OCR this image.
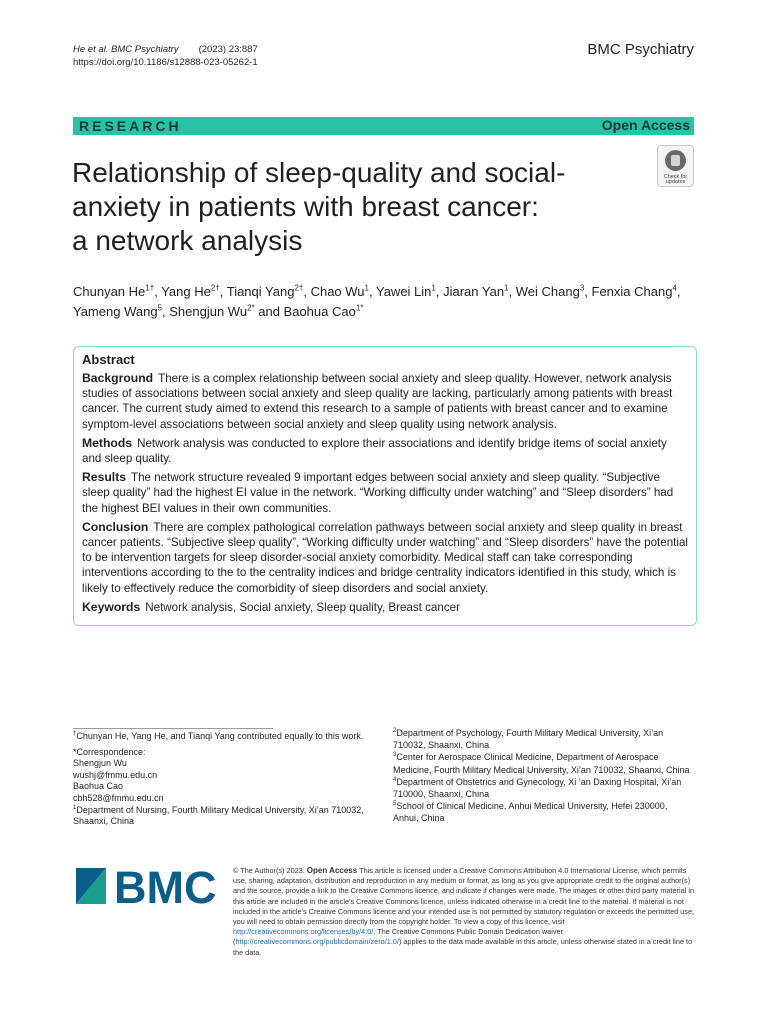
He et al. BMC Psychiatry (2023) 23:887
https://doi.org/10.1186/s12888-023-05262-1
BMC Psychiatry
RESEARCH	Open Access
Relationship of sleep-quality and social-
anxiety in patients with breast cancer:
a network analysis
Check for
updates
Chunyan $He^{1\dagger}$, Yang $He^{2\dagger}$, Tianqi Yang$^{2\dagger}$, Chao Wu$^1$, Yawei Lin$^1$, Jiaran Yan$^1$, Wei Chang$^3$, Fenxia Chang$^4$,
Yameng Wang$^5$, Shengjun $Wu^{2*}$ and Baohua Cao$^{1*}$
Abstract

Background There is a complex relationship between social anxiety and sleep quality. However, network analysis studies of associations between social anxiety and sleep quality are lacking, particularly among patients with breast cancer. The current study aimed to extend this research to a sample of patients with breast cancer and to examine symptom-level associations between social anxiety and sleep quality using network analysis.

Methods Network analysis was conducted to explore their associations and identify bridge items of social anxiety and sleep quality.

Results The network structure revealed 9 important edges between social anxiety and sleep quality. “Subjective sleep quality” had the highest EI value in the network. “Working difficulty under watching” and “Sleep disorders” had the highest BEI values in their own communities.

Conclusion There are complex pathological correlation pathways between social anxiety and sleep quality in breast cancer patients. “Subjective sleep quality”, “Working difficulty under watching” and “Sleep disorders” have the potential to be intervention targets for sleep disorder-social anxiety comorbidity. Medical staff can take corresponding interventions according to the to the centrality indices and bridge centrality indicators identified in this study, which is likely to effectively reduce the comorbidity of sleep disorders and social anxiety.

Keywords Network analysis, Social anxiety, Sleep quality, Breast cancer

†Chunyan He, Yang He, and Tianqi Yang contributed equally to this work.

*Correspondence:

Shengjun Wu

wushj@fmmu.edu.cn

Baohua Cao

cbh528@fmmu.edu.cn

$^1$Department of Nursing, Fourth Military Medical University, Xi’an 710032, Shaanxi, China

$^2$Department of Psychology, Fourth Military Medical University, Xi’an 710032, Shaanxi, China

$^3$Center for Aerospace Clinical Medicine, Department of Aerospace Medicine, Fourth Military Medical University, Xi’an 710032, Shaanxi, China

$^4$Department of Obstetrics and Gynecology, Xi ’an Daxing Hospital, Xi’an 710000, Shaanxi, China

$^5$School of Clinical Medicine, Anhui Medical University, Hefei 230000, Anhui, China

BMC © The Author(s) 2023. Open Access This article is licensed under a Creative Commons Attribution 4.0 International License, which permits use, sharing, adaptation, distribution and reproduction in any medium or format, as long as you give appropriate credit to the original author(s) and the source, provide a link to the Creative Commons licence, and indicate if changes were made. The images or other third party material in this article are included in the article’s Creative Commons licence, unless indicated otherwise in a credit line to the material. If material is not included in the article’s Creative Commons licence and your intended use is not permitted by statutory regulation or exceeds the permitted use, you will need to obtain permission directly from the copyright holder. To view a copy of this licence, visit http://creativecommons.org/licenses/by/4.0/. The Creative Commons Public Domain Dedication waiver (http://creativecommons.org/publicdomain/zero/1.0/) applies to the data made available in this article, unless otherwise stated in a credit line to the data.
